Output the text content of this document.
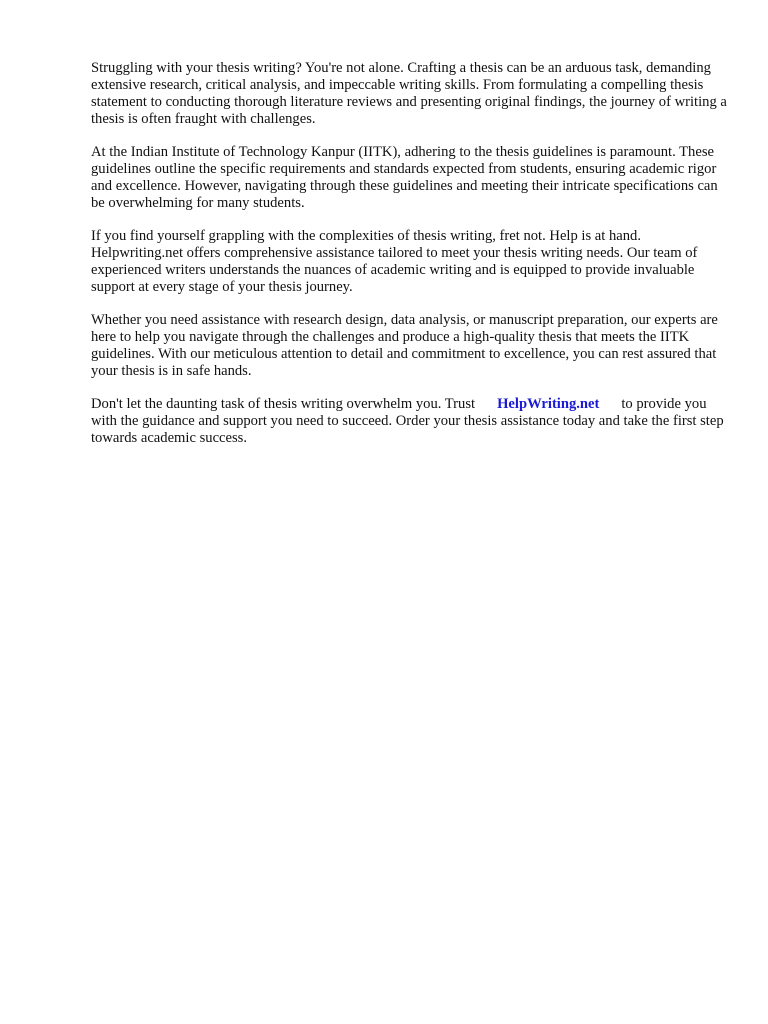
Struggling with your thesis writing? You're not alone. Crafting a thesis can be an arduous task, demanding extensive research, critical analysis, and impeccable writing skills. From formulating a compelling thesis statement to conducting thorough literature reviews and presenting original findings, the journey of writing a thesis is often fraught with challenges.

At the Indian Institute of Technology Kanpur (IITK), adhering to the thesis guidelines is paramount. These guidelines outline the specific requirements and standards expected from students, ensuring academic rigor and excellence. However, navigating through these guidelines and meeting their intricate specifications can be overwhelming for many students.

If you find yourself grappling with the complexities of thesis writing, fret not. Help is at hand. Helpwriting.net offers comprehensive assistance tailored to meet your thesis writing needs. Our team of experienced writers understands the nuances of academic writing and is equipped to provide invaluable support at every stage of your thesis journey.

Whether you need assistance with research design, data analysis, or manuscript preparation, our experts are here to help you navigate through the challenges and produce a high-quality thesis that meets the IITK guidelines. With our meticulous attention to detail and commitment to excellence, you can rest assured that your thesis is in safe hands.

Don't let the daunting task of thesis writing overwhelm you. Trust HelpWriting.net to provide you with the guidance and support you need to succeed. Order your thesis assistance today and take the first step towards academic success.
